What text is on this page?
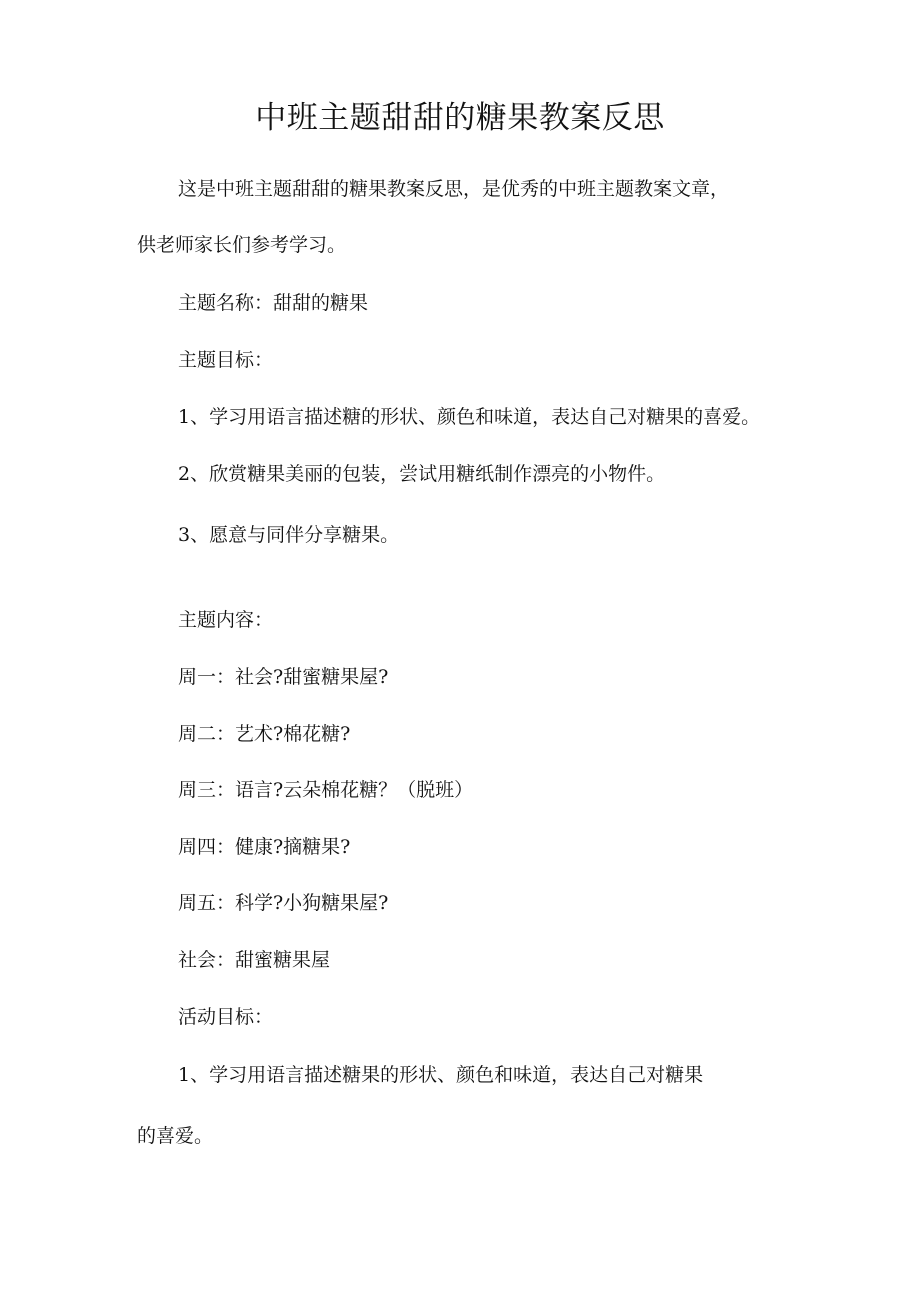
中班主题甜甜的糖果教案反思

这是中班主题甜甜的糖果教案反思，是优秀的中班主题教案文章，

供老师家长们参考学习。

主题名称：甜甜的糖果

主题目标：

1、学习用语言描述糖的形状、颜色和味道，表达自己对糖果的喜爱。

2、欣赏糖果美丽的包装，尝试用糖纸制作漂亮的小物件。

3、愿意与同伴分享糖果。

主题内容：

周一：社会?甜蜜糖果屋?

周二：艺术?棉花糖?

周三：语言?云朵棉花糖？（脱班）

周四：健康?摘糖果?

周五：科学?小狗糖果屋?

社会：甜蜜糖果屋

活动目标：

1、学习用语言描述糖果的形状、颜色和味道，表达自己对糖果

的喜爱。
